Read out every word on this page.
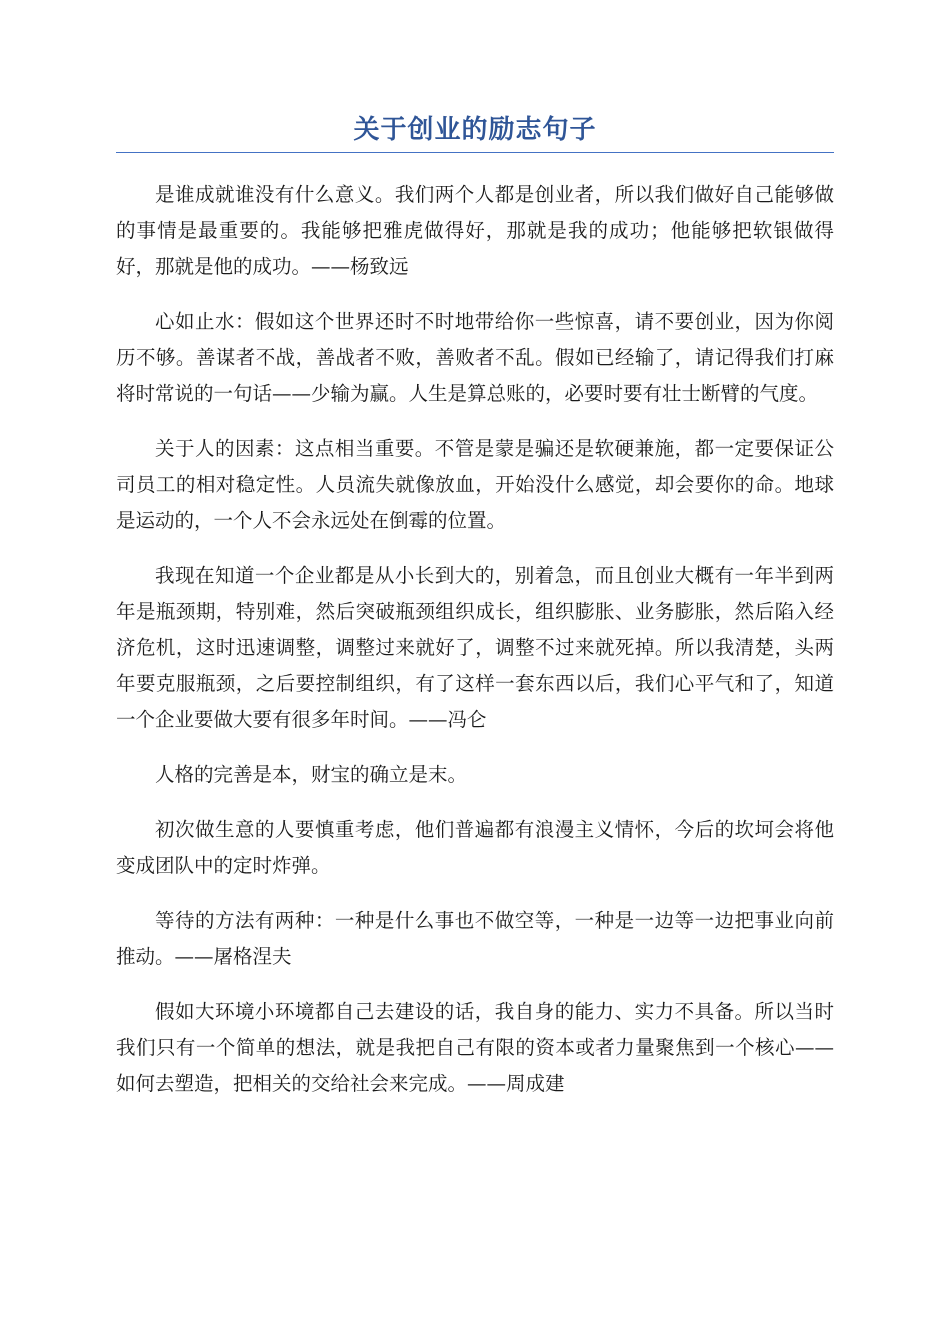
关于创业的励志句子

是谁成就谁没有什么意义。我们两个人都是创业者，所以我们做好自己能够做的事情是最重要的。我能够把雅虎做得好，那就是我的成功；他能够把软银做得好，那就是他的成功。——杨致远

心如止水：假如这个世界还时不时地带给你一些惊喜，请不要创业，因为你阅历不够。善谋者不战，善战者不败，善败者不乱。假如已经输了，请记得我们打麻将时常说的一句话——少输为赢。人生是算总账的，必要时要有壮士断臂的气度。

关于人的因素：这点相当重要。不管是蒙是骗还是软硬兼施，都一定要保证公司员工的相对稳定性。人员流失就像放血，开始没什么感觉，却会要你的命。地球是运动的，一个人不会永远处在倒霉的位置。

我现在知道一个企业都是从小长到大的，别着急，而且创业大概有一年半到两年是瓶颈期，特别难，然后突破瓶颈组织成长，组织膨胀、业务膨胀，然后陷入经济危机，这时迅速调整，调整过来就好了，调整不过来就死掉。所以我清楚，头两年要克服瓶颈，之后要控制组织，有了这样一套东西以后，我们心平气和了，知道一个企业要做大要有很多年时间。——冯仑

人格的完善是本，财宝的确立是末。

初次做生意的人要慎重考虑，他们普遍都有浪漫主义情怀，今后的坎坷会将他变成团队中的定时炸弹。

等待的方法有两种：一种是什么事也不做空等，一种是一边等一边把事业向前推动。——屠格涅夫

假如大环境小环境都自己去建设的话，我自身的能力、实力不具备。所以当时我们只有一个简单的想法，就是我把自己有限的资本或者力量聚焦到一个核心——如何去塑造，把相关的交给社会来完成。——周成建
